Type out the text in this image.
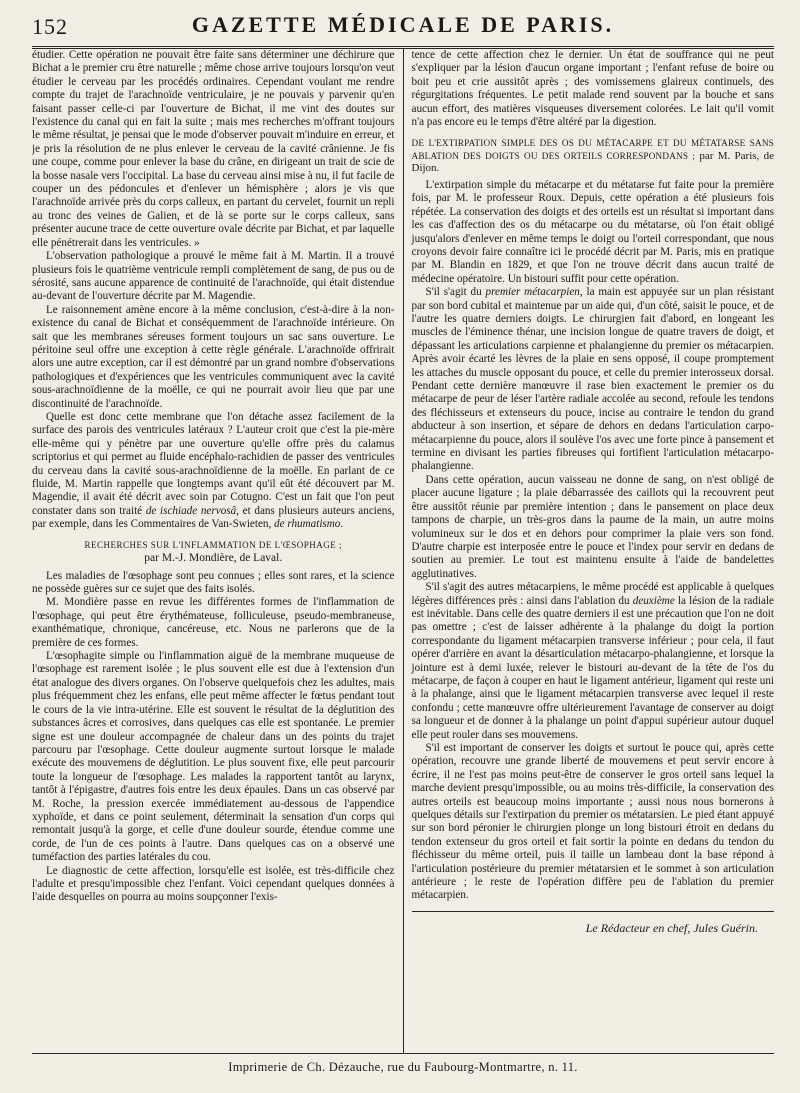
152	GAZETTE MÉDICALE DE PARIS.

étudier. Cette opération ne pouvait être faite sans déterminer une déchirure que Bichat a le premier cru être naturelle ; même chose arrive toujours lorsqu'on veut étudier le cerveau par les procédés ordinaires. Cependant voulant me rendre compte du trajet de l'arachnoïde ventriculaire, je ne pouvais y parvenir qu'en faisant passer celle-ci par l'ouverture de Bichat, il me vint des doutes sur l'existence du canal qui en fait la suite ; mais mes recherches m'offrant toujours le même résultat, je pensai que le mode d'observer pouvait m'induire en erreur, et je pris la résolution de ne plus enlever le cerveau de la cavité crânienne. Je fis une coupe, comme pour enlever la base du crâne, en dirigeant un trait de scie de la bosse nasale vers l'occipital. La base du cerveau ainsi mise à nu, il fut facile de couper un des pédoncules et d'enlever un hémisphère ; alors je vis que l'arachnoïde arrivée près du corps calleux, en partant du cervelet, fournit un repli au tronc des veines de Galien, et de là se porte sur le corps calleux, sans présenter aucune trace de cette ouverture ovale décrite par Bichat, et par laquelle elle pénétrerait dans les ventricules. »

L'observation pathologique a prouvé le même fait à M. Martin. Il a trouvé plusieurs fois le quatrième ventricule rempli complètement de sang, de pus ou de sérosité, sans aucune apparence de continuité de l'arachnoïde, qui était distendue au-devant de l'ouverture décrite par M. Magendie.

Le raisonnement amène encore à la même conclusion, c'est-à-dire à la non-existence du canal de Bichat et conséquemment de l'arachnoïde intérieure. On sait que les membranes séreuses forment toujours un sac sans ouverture. Le péritoine seul offre une exception à cette règle générale. L'arachnoïde offrirait alors une autre exception, car il est démontré par un grand nombre d'observations pathologiques et d'expériences que les ventricules communiquent avec la cavité sous-arachnoïdienne de la moëlle, ce qui ne pourrait avoir lieu que par une discontinuité de l'arachnoïde.

Quelle est donc cette membrane que l'on détache assez facilement de la surface des parois des ventricules latéraux ? L'auteur croit que c'est la pie-mère elle-même qui y pénètre par une ouverture qu'elle offre près du calamus scriptorius et qui permet au fluide encéphalo-rachidien de passer des ventricules du cerveau dans la cavité sous-arachnoïdienne de la moëlle. En parlant de ce fluide, M. Martin rappelle que longtemps avant qu'il eût été découvert par M. Magendie, il avait été décrit avec soin par Cotugno. C'est un fait que l'on peut constater dans son traité de ischiade nervosâ, et dans plusieurs auteurs anciens, par exemple, dans les Commentaires de Van-Swieten, de rhumatismo.

RECHERCHES SUR L'INFLAMMATION DE L'ŒSOPHAGE ;
par M.-J. Mondière, de Laval.

Les maladies de l'œsophage sont peu connues ; elles sont rares, et la science ne possède guères sur ce sujet que des faits isolés.

M. Mondière passe en revue les différentes formes de l'inflammation de l'œsophage, qui peut être érythémateuse, folliculeuse, pseudo-membraneuse, exanthématique, chronique, cancéreuse, etc. Nous ne parlerons que de la première de ces formes.

L'œsophagite simple ou l'inflammation aiguë de la membrane muqueuse de l'œsophage est rarement isolée ; le plus souvent elle est due à l'extension d'un état analogue des divers organes. On l'observe quelquefois chez les adultes, mais plus fréquemment chez les enfans, elle peut même affecter le fœtus pendant tout le cours de la vie intra-utérine. Elle est souvent le résultat de la déglutition des substances âcres et corrosives, dans quelques cas elle est spontanée. Le premier signe est une douleur accompagnée de chaleur dans un des points du trajet parcouru par l'œsophage. Cette douleur augmente surtout lorsque le malade exécute des mouvemens de déglutition. Le plus souvent fixe, elle peut parcourir toute la longueur de l'œsophage. Les malades la rapportent tantôt au larynx, tantôt à l'épigastre, d'autres fois entre les deux épaules. Dans un cas observé par M. Roche, la pression exercée immédiatement au-dessous de l'appendice xyphoïde, et dans ce point seulement, déterminait la sensation d'un corps qui remontait jusqu'à la gorge, et celle d'une douleur sourde, étendue comme une corde, de l'un de ces points à l'autre. Dans quelques cas on a observé une tuméfaction des parties latérales du cou.

Le diagnostic de cette affection, lorsqu'elle est isolée, est très-difficile chez l'adulte et presqu'impossible chez l'enfant. Voici cependant quelques données à l'aide desquelles on pourra au moins soupçonner l'exis-

tence de cette affection chez le dernier. Un état de souffrance qui ne peut s'expliquer par la lésion d'aucun organe important ; l'enfant refuse de boire ou boit peu et crie aussitôt après ; des vomissemens glaireux continuels, des régurgitations fréquentes. Le petit malade rend souvent par la bouche et sans aucun effort, des matières visqueuses diversement colorées. Le lait qu'il vomit n'a pas encore eu le temps d'être altéré par la digestion.

DE L'EXTIRPATION SIMPLE DES OS DU MÉTACARPE ET DU MÉTATARSE SANS ABLATION DES DOIGTS OU DES ORTEILS CORRESPONDANS ; par M. Paris, de Dijon.

L'extirpation simple du métacarpe et du métatarse fut faite pour la première fois, par M. le professeur Roux. Depuis, cette opération a été plusieurs fois répétée. La conservation des doigts et des orteils est un résultat si important dans les cas d'affection des os du métacarpe ou du métatarse, où l'on était obligé jusqu'alors d'enlever en même temps le doigt ou l'orteil correspondant, que nous croyons devoir faire connaître ici le procédé décrit par M. Paris, mis en pratique par M. Blandin en 1829, et que l'on ne trouve décrit dans aucun traité de médecine opératoire. Un bistouri suffit pour cette opération.

S'il s'agit du premier métacarpien, la main est appuyée sur un plan résistant par son bord cubital et maintenue par un aide qui, d'un côté, saisit le pouce, et de l'autre les quatre derniers doigts. Le chirurgien fait d'abord, en longeant les muscles de l'éminence thénar, une incision longue de quatre travers de doigt, et dépassant les articulations carpienne et phalangienne du premier os métacarpien. Après avoir écarté les lèvres de la plaie en sens opposé, il coupe promptement les attaches du muscle opposant du pouce, et celle du premier interosseux dorsal. Pendant cette dernière manœuvre il rase bien exactement le premier os du métacarpe de peur de léser l'artère radiale accolée au second, refoule les tendons des fléchisseurs et extenseurs du pouce, incise au contraire le tendon du grand abducteur à son insertion, et sépare de dehors en dedans l'articulation carpo-métacarpienne du pouce, alors il soulève l'os avec une forte pince à pansement et termine en divisant les parties fibreuses qui fortifient l'articulation métacarpo-phalangienne.

Dans cette opération, aucun vaisseau ne donne de sang, on n'est obligé de placer aucune ligature ; la plaie débarrassée des caillots qui la recouvrent peut être aussitôt réunie par première intention ; dans le pansement on place deux tampons de charpie, un très-gros dans la paume de la main, un autre moins volumineux sur le dos et en dehors pour comprimer la plaie vers son fond. D'autre charpie est interposée entre le pouce et l'index pour servir en dedans de soutien au premier. Le tout est maintenu ensuite à l'aide de bandelettes agglutinatives.

S'il s'agit des autres métacarpiens, le même procédé est applicable à quelques légères différences près : ainsi dans l'ablation du deuxième la lésion de la radiale est inévitable. Dans celle des quatre derniers il est une précaution que l'on ne doit pas omettre ; c'est de laisser adhérente à la phalange du doigt la portion correspondante du ligament métacarpien transverse inférieur ; pour cela, il faut opérer d'arrière en avant la désarticulation métacarpo-phalangienne, et lorsque la jointure est à demi luxée, relever le bistouri au-devant de la tête de l'os du métacarpe, de façon à couper en haut le ligament antérieur, ligament qui reste uni à la phalange, ainsi que le ligament métacarpien transverse avec lequel il reste confondu ; cette manœuvre offre ultérieurement l'avantage de conserver au doigt sa longueur et de donner à la phalange un point d'appui supérieur autour duquel elle peut rouler dans ses mouvemens.

S'il est important de conserver les doigts et surtout le pouce qui, après cette opération, recouvre une grande liberté de mouvemens et peut servir encore à écrire, il ne l'est pas moins peut-être de conserver le gros orteil sans lequel la marche devient presqu'impossible, ou au moins très-difficile, la conservation des autres orteils est beaucoup moins importante ; aussi nous nous bornerons à quelques détails sur l'extirpation du premier os métatarsien. Le pied étant appuyé sur son bord péronier le chirurgien plonge un long bistouri étroit en dedans du tendon extenseur du gros orteil et fait sortir la pointe en dedans du tendon du fléchisseur du même orteil, puis il taille un lambeau dont la base répond à l'articulation postérieure du premier métatarsien et le sommet à son articulation antérieure ; le reste de l'opération diffère peu de l'ablation du premier métacarpien.

Le Rédacteur en chef, Jules Guérin.
Imprimerie de Ch. Dézauche, rue du Faubourg-Montmartre, n. 11.
